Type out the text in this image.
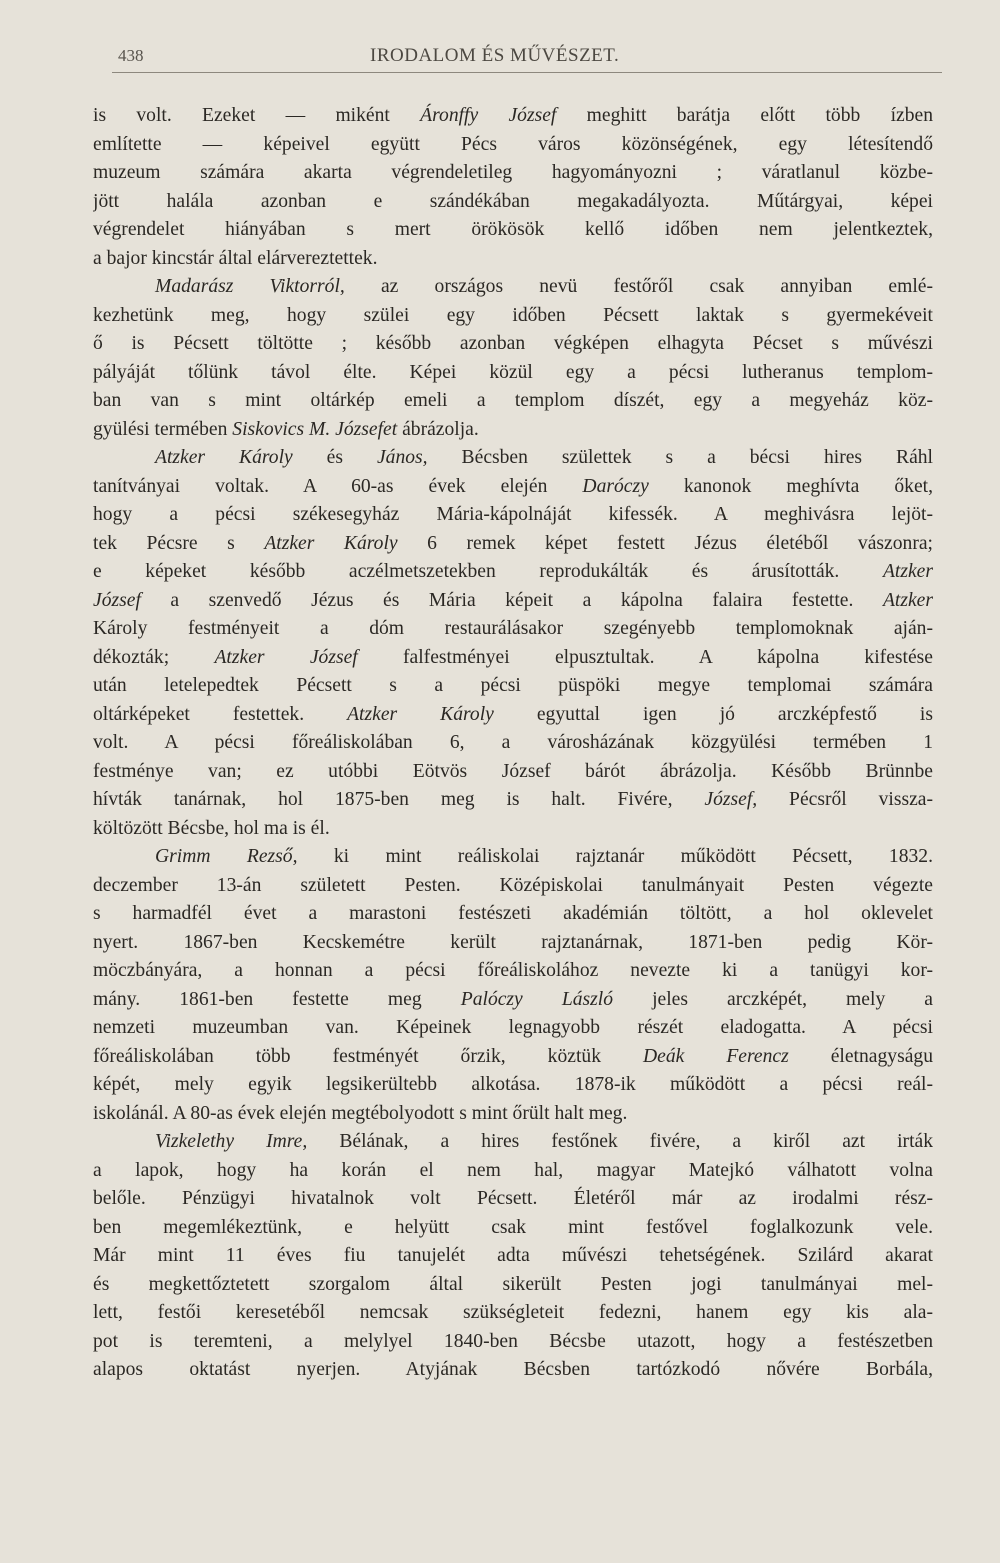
438	IRODALOM ÉS MŰVÉSZET.
is volt. Ezeket — miként Áronffy József meghitt barátja előtt több ízben
említette — képeivel együtt Pécs város közönségének, egy létesítendő
muzeum számára akarta végrendeletileg hagyományozni ; váratlanul közbe-
jött halála azonban e szándékában megakadályozta. Műtárgyai, képei
végrendelet hiányában s mert örökösök kellő időben nem jelentkeztek,
a bajor kincstár által elárvereztettek.
Madarász Viktorról, az országos nevü festőről csak annyiban emlé-
kezhetünk meg, hogy szülei egy időben Pécsett laktak s gyermekéveit
ő is Pécsett töltötte ; később azonban végképen elhagyta Pécset s művészi
pályáját tőlünk távol élte. Képei közül egy a pécsi lutheranus templom-
ban van s mint oltárkép emeli a templom díszét, egy a megyeház köz-
gyülési termében Siskovics M. Józsefet ábrázolja.
Atzker Károly és János, Bécsben születtek s a bécsi hires Ráhl
tanítványai voltak. A 60-as évek elején Daróczy kanonok meghívta őket,
hogy a pécsi székesegyház Mária-kápolnáját kifessék. A meghivásra lejöt-
tek Pécsre s Atzker Károly 6 remek képet festett Jézus életéből vászonra;
e képeket később aczélmetszetekben reprodukálták és árusították. Atzker
József a szenvedő Jézus és Mária képeit a kápolna falaira festette. Atzker
Károly festményeit a dóm restaurálásakor szegényebb templomoknak aján-
dékozták; Atzker József falfestményei elpusztultak. A kápolna kifestése
után letelepedtek Pécsett s a pécsi püspöki megye templomai számára
oltárképeket festettek. Atzker Károly egyuttal igen jó arczképfestő is
volt. A pécsi főreáliskolában 6, a városházának közgyülési termében 1
festménye van; ez utóbbi Eötvös József bárót ábrázolja. Később Brünnbe
hívták tanárnak, hol 1875-ben meg is halt. Fivére, József, Pécsről vissza-
költözött Bécsbe, hol ma is él.
Grimm Rezső, ki mint reáliskolai rajztanár működött Pécsett, 1832.
deczember 13-án született Pesten. Középiskolai tanulmányait Pesten végezte
s harmadfél évet a marastoni festészeti akadémián töltött, a hol oklevelet
nyert. 1867-ben Kecskemétre került rajztanárnak, 1871-ben pedig Kör-
möczbányára, a honnan a pécsi főreáliskolához nevezte ki a tanügyi kor-
mány. 1861-ben festette meg Palóczy László jeles arczképét, mely a
nemzeti muzeumban van. Képeinek legnagyobb részét eladogatta. A pécsi
főreáliskolában több festményét őrzik, köztük Deák Ferencz életnagyságu
képét, mely egyik legsikerültebb alkotása. 1878-ik működött a pécsi reál-
iskolánál. A 80-as évek elején megtébolyodott s mint őrült halt meg.
Vizkelethy Imre, Bélának, a hires festőnek fivére, a kiről azt irták
a lapok, hogy ha korán el nem hal, magyar Matejkó válhatott volna
belőle. Pénzügyi hivatalnok volt Pécsett. Életéről már az irodalmi rész-
ben megemlékeztünk, e helyütt csak mint festővel foglalkozunk vele.
Már mint 11 éves fiu tanujelét adta művészi tehetségének. Szilárd akarat
és megkettőztetett szorgalom által sikerült Pesten jogi tanulmányai mel-
lett, festői keresetéből nemcsak szükségleteit fedezni, hanem egy kis ala-
pot is teremteni, a melylyel 1840-ben Bécsbe utazott, hogy a festészetben
alapos oktatást nyerjen. Atyjának Bécsben tartózkodó nővére Borbála,
